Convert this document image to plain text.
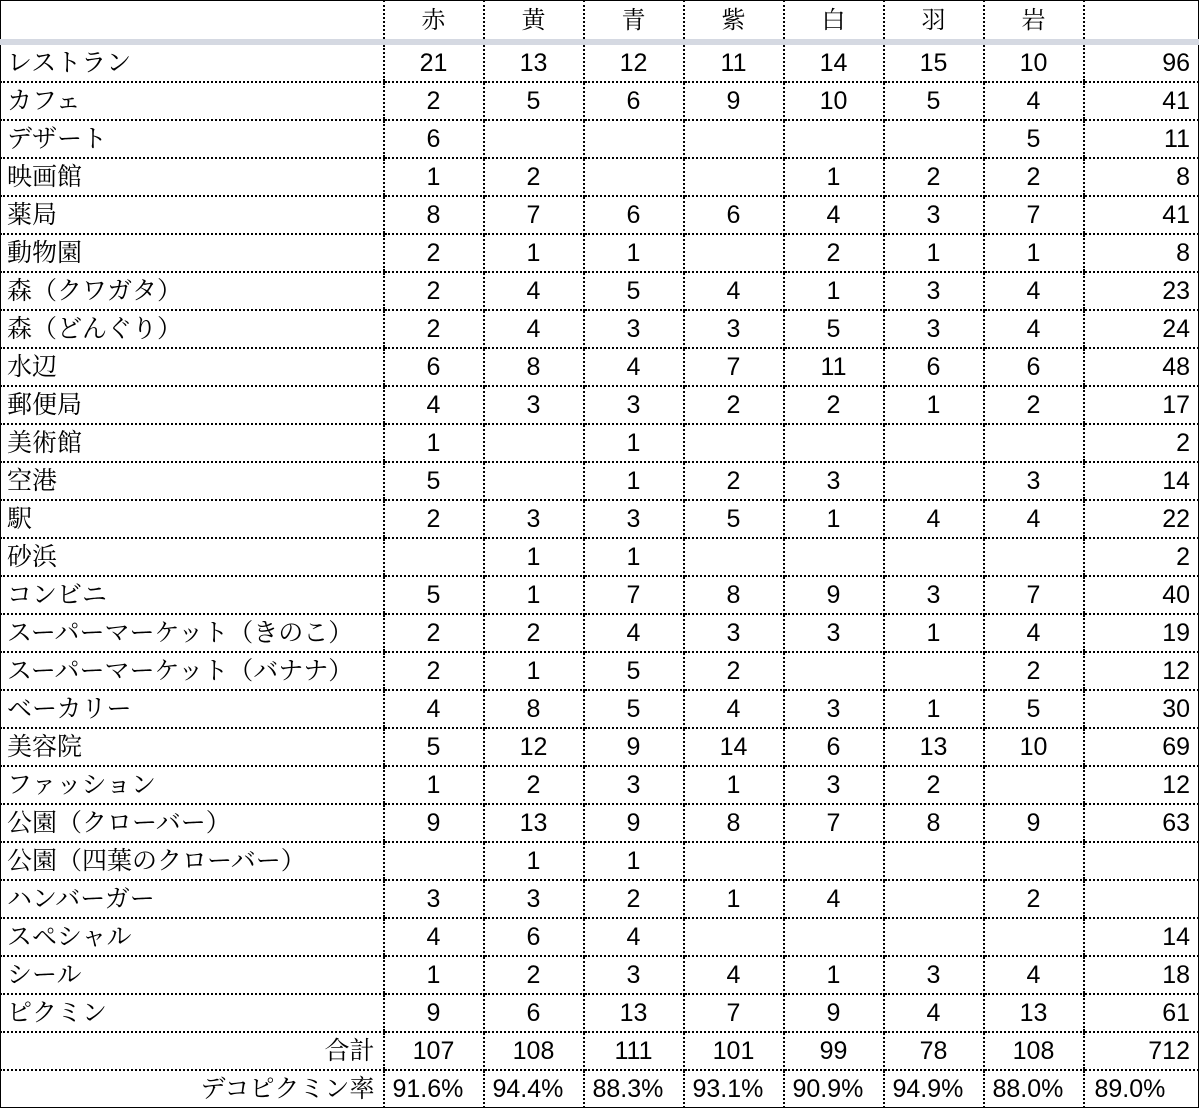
	赤	黄	青	紫	白	羽	岩	
レストラン	21	13	12	11	14	15	10	96
カフェ	2	5	6	9	10	5	4	41
デザート	6						5	11
映画館	1	2			1	2	2	8
薬局	8	7	6	6	4	3	7	41
動物園	2	1	1		2	1	1	8
森（クワガタ）	2	4	5	4	1	3	4	23
森（どんぐり）	2	4	3	3	5	3	4	24
水辺	6	8	4	7	11	6	6	48
郵便局	4	3	3	2	2	1	2	17
美術館	1		1					2
空港	5		1	2	3		3	14
駅	2	3	3	5	1	4	4	22
砂浜		1	1					2
コンビニ	5	1	7	8	9	3	7	40
スーパーマーケット（きのこ）	2	2	4	3	3	1	4	19
スーパーマーケット（バナナ）	2	1	5	2			2	12
ベーカリー	4	8	5	4	3	1	5	30
美容院	5	12	9	14	6	13	10	69
ファッション	1	2	3	1	3	2		12
公園（クローバー）	9	13	9	8	7	8	9	63
公園（四葉のクローバー）		1	1					
ハンバーガー	3	3	2	1	4		2	
スペシャル	4	6	4					14
シール	1	2	3	4	1	3	4	18
ピクミン	9	6	13	7	9	4	13	61
合計	107	108	111	101	99	78	108	712
デコピクミン率	91.6%	94.4%	88.3%	93.1%	90.9%	94.9%	88.0%	89.0%
